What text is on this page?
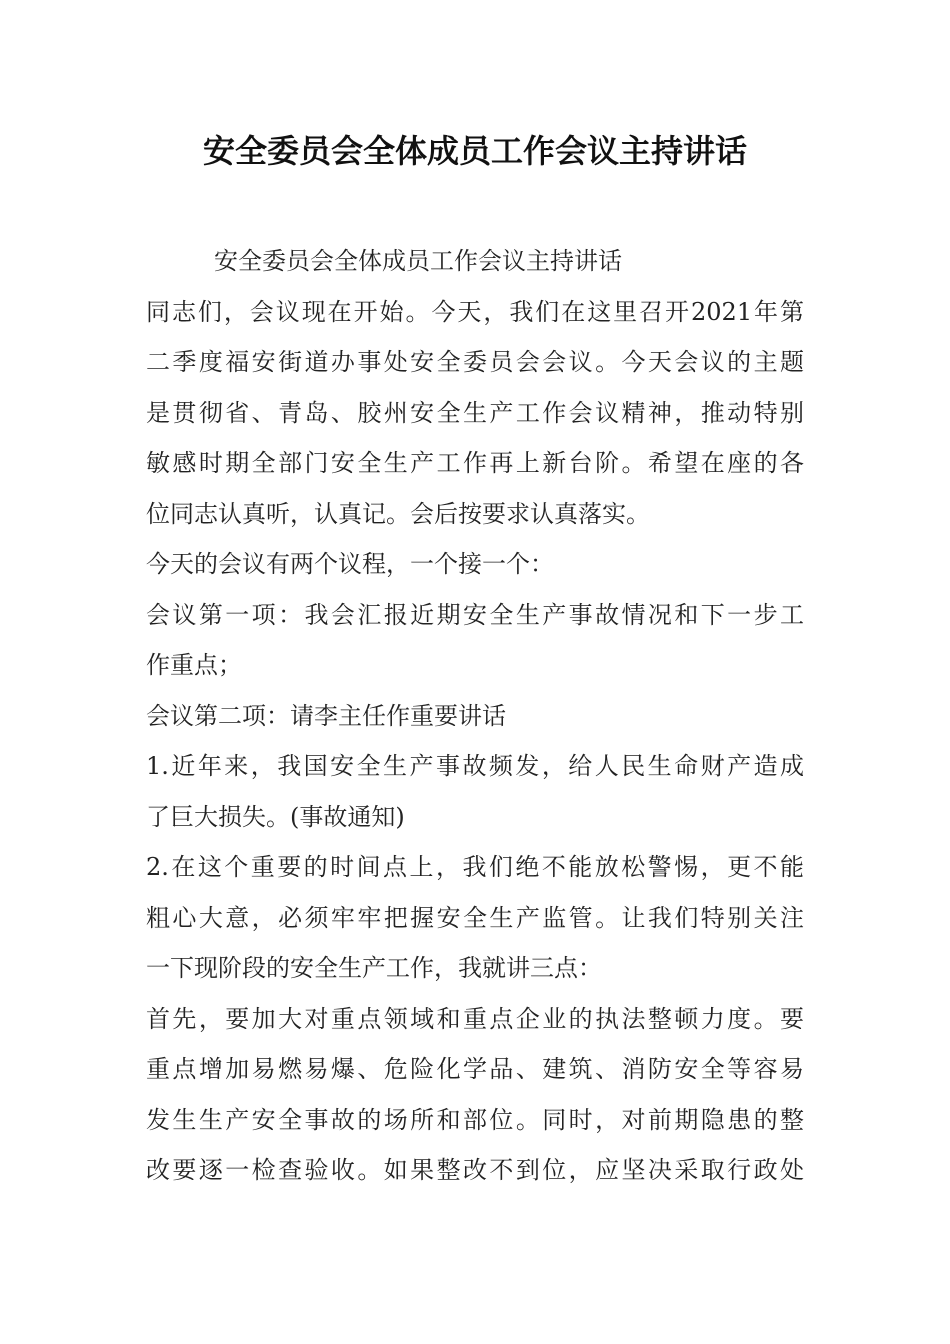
安全委员会全体成员工作会议主持讲话
安全委员会全体成员工作会议主持讲话
同志们，会议现在开始。今天，我们在这里召开2021年第
二季度福安街道办事处安全委员会会议。今天会议的主题
是贯彻省、青岛、胶州安全生产工作会议精神，推动特别
敏感时期全部门安全生产工作再上新台阶。希望在座的各
位同志认真听，认真记。会后按要求认真落实。
今天的会议有两个议程，一个接一个：
会议第一项：我会汇报近期安全生产事故情况和下一步工
作重点；
会议第二项：请李主任作重要讲话
1.近年来，我国安全生产事故频发，给人民生命财产造成
了巨大损失。(事故通知)
2.在这个重要的时间点上，我们绝不能放松警惕，更不能
粗心大意，必须牢牢把握安全生产监管。让我们特别关注
一下现阶段的安全生产工作，我就讲三点：
首先，要加大对重点领域和重点企业的执法整顿力度。要
重点增加易燃易爆、危险化学品、建筑、消防安全等容易
发生生产安全事故的场所和部位。同时，对前期隐患的整
改要逐一检查验收。如果整改不到位，应坚决采取行政处
